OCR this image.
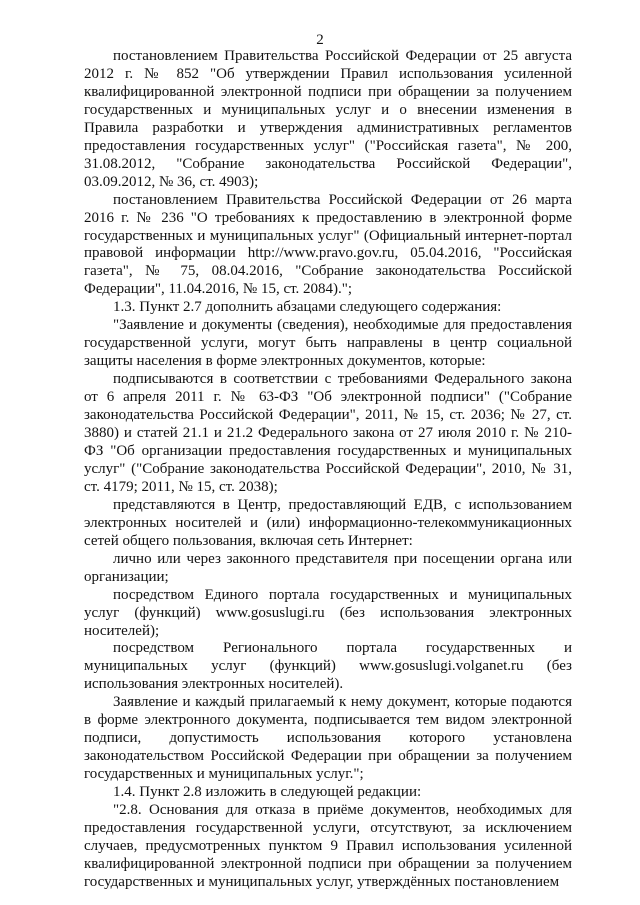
2

постановлением Правительства Российской Федерации от 25 августа 2012 г. № 852 "Об утверждении Правил использования усиленной квалифицированной электронной подписи при обращении за получением государственных и муниципальных услуг и о внесении изменения в Правила разработки и утверждения административных регламентов предоставления государственных услуг" ("Российская газета", № 200, 31.08.2012, "Собрание законодательства Российской Федерации", 03.09.2012, № 36, ст. 4903);

постановлением Правительства Российской Федерации от 26 марта 2016 г. № 236 "О требованиях к предоставлению в электронной форме государственных и муниципальных услуг" (Официальный интернет-портал правовой информации http://www.pravo.gov.ru, 05.04.2016, "Российская газета", № 75, 08.04.2016, "Собрание законодательства Российской Федерации", 11.04.2016, № 15, ст. 2084).";

1.3. Пункт 2.7 дополнить абзацами следующего содержания:

"Заявление и документы (сведения), необходимые для предоставления государственной услуги, могут быть направлены в центр социальной защиты населения в форме электронных документов, которые:

подписываются в соответствии с требованиями Федерального закона от 6 апреля 2011 г. № 63-ФЗ "Об электронной подписи" ("Собрание законодательства Российской Федерации", 2011, № 15, ст. 2036; № 27, ст. 3880) и статей 21.1 и 21.2 Федерального закона от 27 июля 2010 г. № 210-ФЗ "Об организации предоставления государственных и муниципальных услуг" ("Собрание законодательства Российской Федерации", 2010, № 31, ст. 4179; 2011, № 15, ст. 2038);

представляются в Центр, предоставляющий ЕДВ, с использованием электронных носителей и (или) информационно-телекоммуникационных сетей общего пользования, включая сеть Интернет:

лично или через законного представителя при посещении органа или организации;

посредством Единого портала государственных и муниципальных услуг (функций) www.gosuslugi.ru (без использования электронных носителей);

посредством Регионального портала государственных и муниципальных услуг (функций) www.gosuslugi.volganet.ru (без использования электронных носителей).

Заявление и каждый прилагаемый к нему документ, которые подаются в форме электронного документа, подписывается тем видом электронной подписи, допустимость использования которого установлена законодательством Российской Федерации при обращении за получением государственных и муниципальных услуг.";

1.4. Пункт 2.8 изложить в следующей редакции:

"2.8. Основания для отказа в приёме документов, необходимых для предоставления государственной услуги, отсутствуют, за исключением случаев, предусмотренных пунктом 9 Правил использования усиленной квалифицированной электронной подписи при обращении за получением государственных и муниципальных услуг, утверждённых постановлением
